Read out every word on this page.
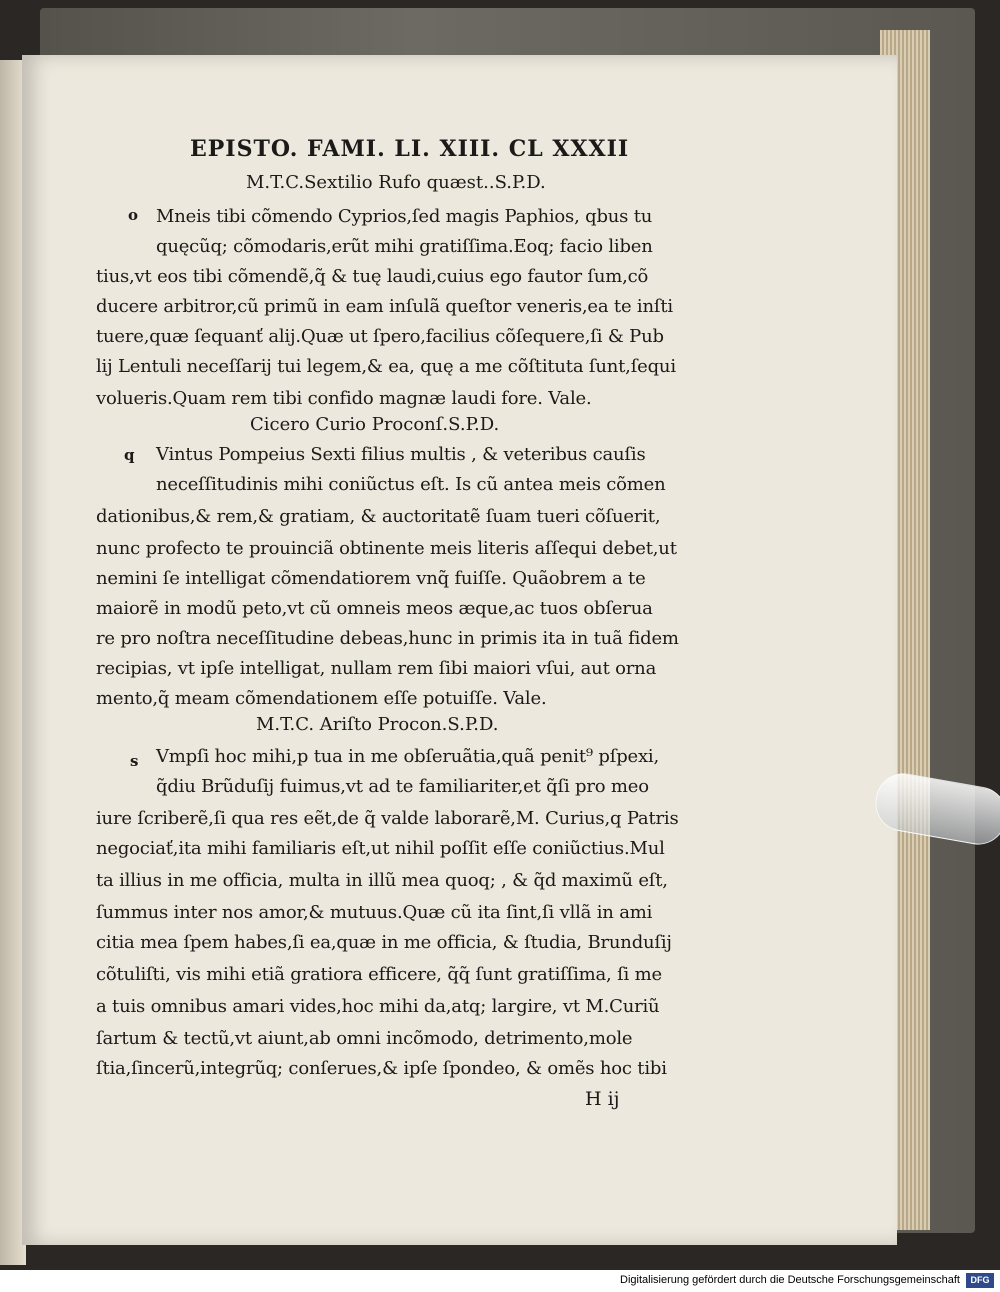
EPISTO. FAMI. LI. XIII. CL XXXII
M.T.C.Sextilio Rufo quæst..S.P.D.
o Mneis tibi cõmendo Cyprios,ſed magis Paphios, qbus tu
quęcũq; cõmodaris,erũt mihi gratiſſima.Eoq; facio liben
tius,vt eos tibi cõmendẽ,q̃ & tuę laudi,cuius ego fautor ſum,cõ
ducere arbitror,cũ primũ in eam inſulã queſtor veneris,ea te inſti
tuere,quæ ſequanť alij.Quæ ut ſpero,facilius cõſequere,ſi & Pub
lij Lentuli neceſſarij tui legem,& ea, quę a me cõſtituta ſunt,ſequi
volueris.Quam rem tibi confido magnæ laudi fore. Vale.
Cicero Curio Proconſ.S.P.D.
q Vintus Pompeius Sexti filius multis , & veteribus cauſis
neceſſitudinis mihi coniũctus eſt. Is cũ antea meis cõmen
dationibus,& rem,& gratiam, & auctoritatẽ ſuam tueri cõſuerit,
nunc profecto te prouinciã obtinente meis literis aſſequi debet,ut
nemini ſe intelligat cõmendatiorem vnq̃ fuiſſe. Quãobrem a te
maiorẽ in modũ peto,vt cũ omneis meos æque,ac tuos obſerua
re pro noſtra neceſſitudine debeas,hunc in primis ita in tuã fidem
recipias, vt ipſe intelligat, nullam rem ſibi maiori vſui, aut orna
mento,q̃ meam cõmendationem eſſe potuiſſe. Vale.
M.T.C. Ariſto Procon.S.P.D.
s Vmpſi hoc mihi,p tua in me obſeruãtia,quã penit⁹ pſpexi,
q̃diu Brũduſij fuimus,vt ad te familiariter,et q̃ſi pro meo
iure ſcriberẽ,ſi qua res eẽt,de q̃ valde laborarẽ,M. Curius,q Patris
negociať,ita mihi familiaris eſt,ut nihil poſſit eſſe coniũctius.Mul
ta illius in me officia, multa in illũ mea quoq; , & q̃d maximũ eſt,
ſummus inter nos amor,& mutuus.Quæ cũ ita ſint,ſi vllã in ami
citia mea ſpem habes,ſi ea,quæ in me officia, & ſtudia, Brunduſij
cõtuliſti, vis mihi etiã gratiora efficere, q̃q̃ ſunt gratiſſima, ſi me
a tuis omnibus amari vides,hoc mihi da,atq; largire, vt M.Curiũ
ſartum & tectũ,vt aiunt,ab omni incõmodo, detrimento,mole
ſtia,ſincerũ,integrũq; conſerues,& ipſe ſpondeo, & omẽs hoc tibi
H ij
Digitalisierung gefördert durch die Deutsche Forschungsgemeinschaft	DFG
